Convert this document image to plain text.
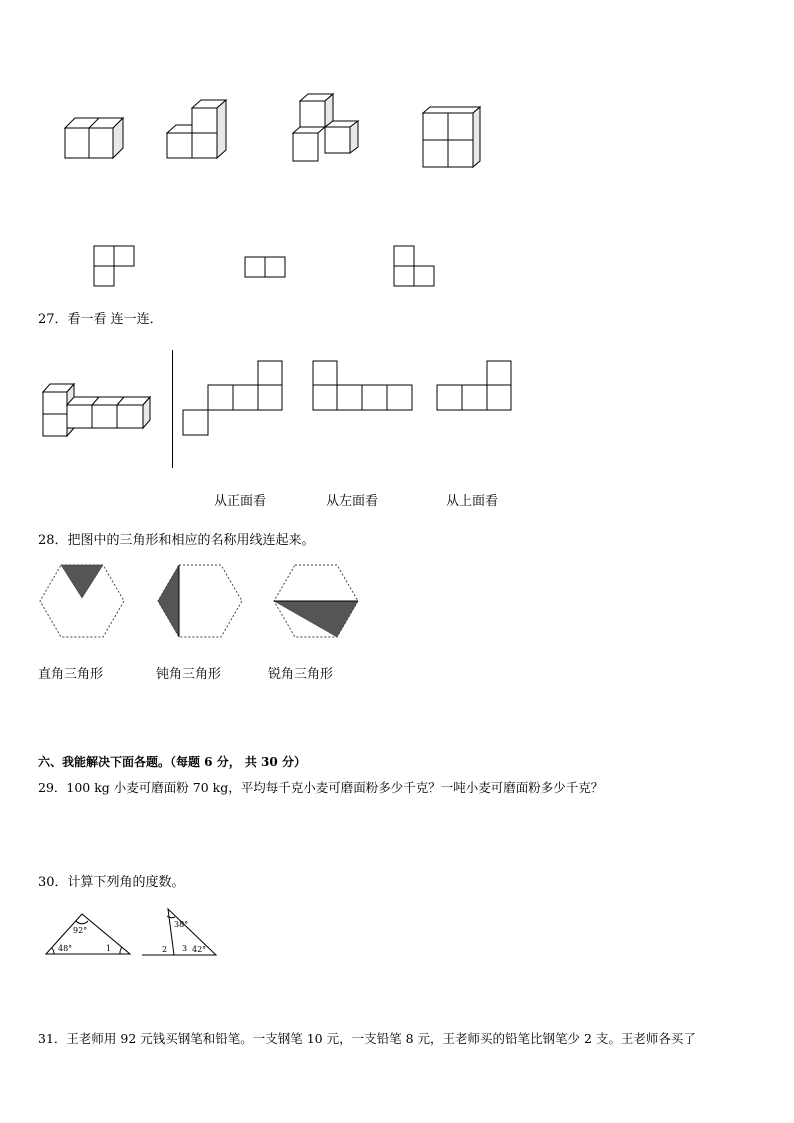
27．看一看 连一连．
从正面看	从左面看	从上面看
28．把图中的三角形和相应的名称用线连起来。
直角三角形	钝角三角形	锐角三角形
六、我能解决下面各题。（每题 6 分， 共 30 分）
29．100 kg 小麦可磨面粉 70 kg，平均每千克小麦可磨面粉多少千克？一吨小麦可磨面粉多少千克？
30．计算下列角的度数。
92°
48°	1
38°
2 3 42°
31．王老师用 92 元钱买钢笔和铅笔。一支钢笔 10 元，一支铅笔 8 元，王老师买的铅笔比钢笔少 2 支。王老师各买了
